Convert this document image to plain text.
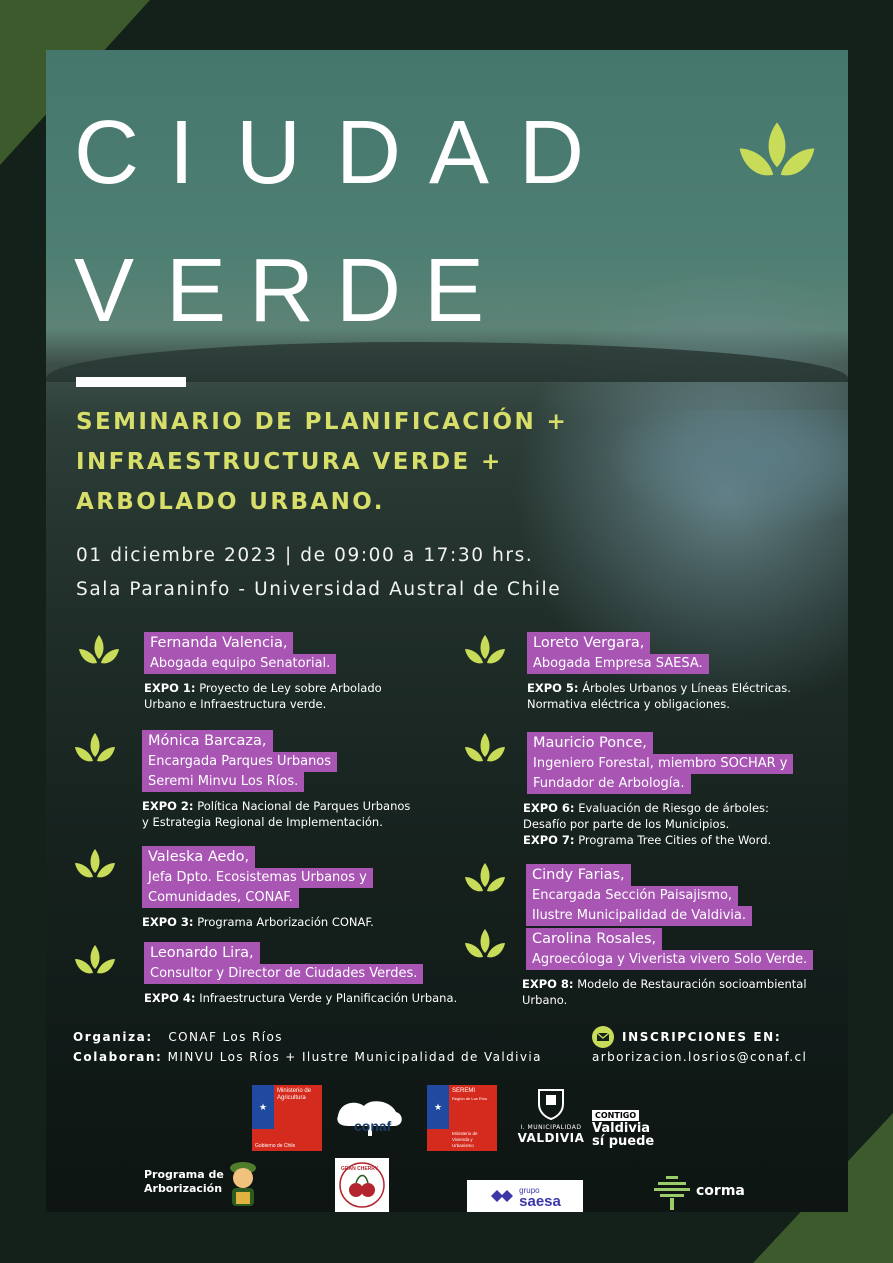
C I U D A D
V E R D E
SEMINARIO DE PLANIFICACIÓN +
INFRAESTRUCTURA VERDE +
ARBOLADO URBANO.
01 diciembre 2023 | de 09:00 a 17:30 hrs.
Sala Paraninfo - Universidad Austral de Chile
Fernanda Valencia,
Abogada equipo Senatorial.
EXPO 1: Proyecto de Ley sobre Arbolado
Urbano e Infraestructura verde.
Mónica Barcaza,
Encargada Parques Urbanos
Seremi Minvu Los Ríos.
EXPO 2: Política Nacional de Parques Urbanos
y Estrategia Regional de Implementación.
Valeska Aedo,
Jefa Dpto. Ecosistemas Urbanos y
Comunidades, CONAF.
EXPO 3: Programa Arborización CONAF.
Leonardo Lira,
Consultor y Director de Ciudades Verdes.
EXPO 4: Infraestructura Verde y Planificación Urbana.
Loreto Vergara,
Abogada Empresa SAESA.
EXPO 5: Árboles Urbanos y Líneas Eléctricas.
Normativa eléctrica y obligaciones.
Mauricio Ponce,
Ingeniero Forestal, miembro SOCHAR y
Fundador de Arbología.
EXPO 6: Evaluación de Riesgo de árboles:
Desafío por parte de los Municipios.
EXPO 7: Programa Tree Cities of the Word.
Cindy Farias,
Encargada Sección Paisajismo,
Ilustre Municipalidad de Valdivia.
Carolina Rosales,
Agroecóloga y Viverista vivero Solo Verde.
EXPO 8: Modelo de Restauración socioambiental
Urbano.
Organiza: CONAF Los Ríos
Colaboran: MINVU Los Ríos + Ilustre Municipalidad de Valdivia
INSCRIPCIONES EN:
arborizacion.losrios@conaf.cl
★
Ministerio de Agricultura
Gobierno de Chile
conaf
★
SEREMI
Región de Los Ríos
Ministerio de Vivienda y Urbanismo
I. MUNICIPALIDAD
VALDIVIA
CONTIGO
Valdivia
sí puede
Programa de
Arborización
GRAN CHERRY
grupo
saesa
corma
